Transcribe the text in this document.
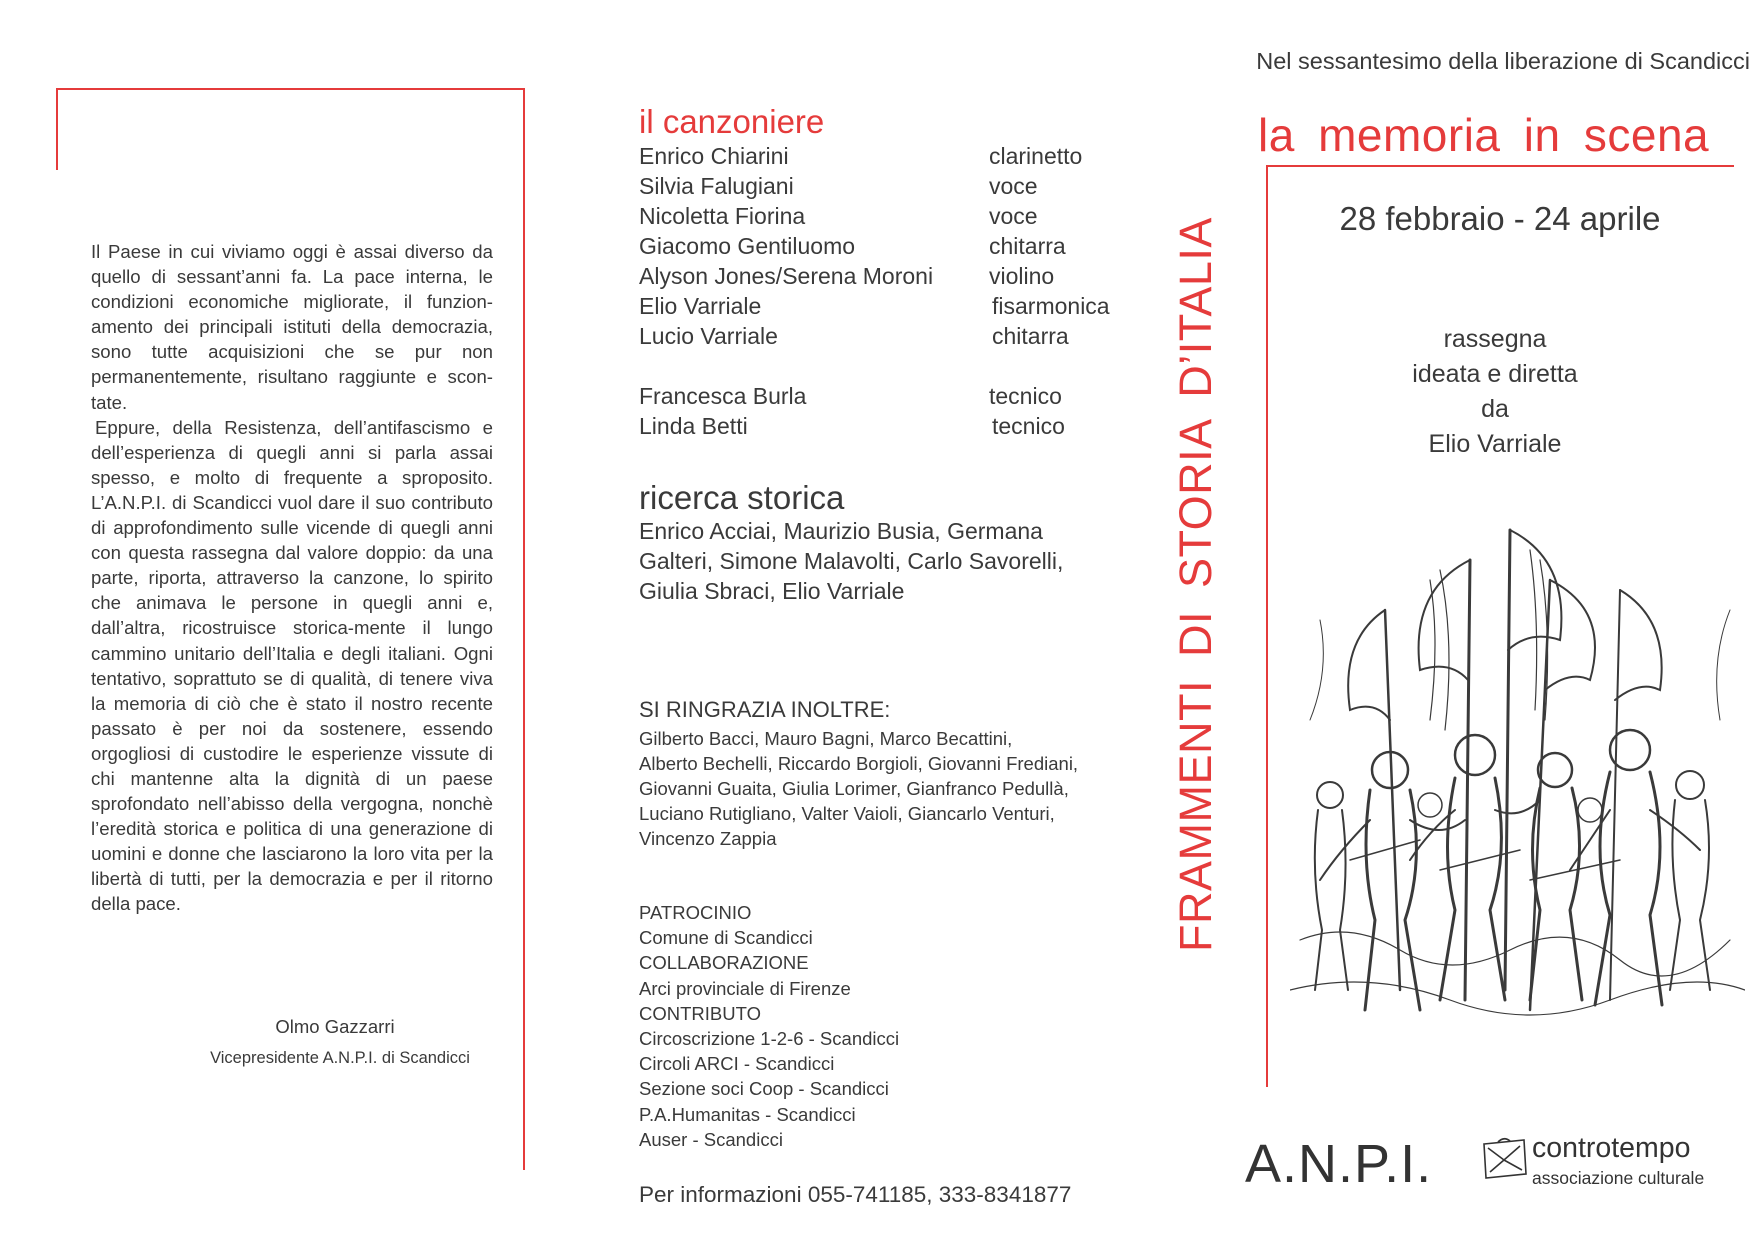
Il Paese in cui viviamo oggi è assai diverso da quello di sessant’anni fa. La pace interna, le condizioni economiche migliorate, il funzion-amento dei principali istituti della democrazia, sono tutte acquisizioni che se pur non permanentemente, risultano raggiunte e scon-tate.

Eppure, della Resistenza, dell’antifascismo e dell’esperienza di quegli anni si parla assai spesso, e molto di frequente a sproposito. L’A.N.P.I. di Scandicci vuol dare il suo contributo di approfondimento sulle vicende di quegli anni con questa rassegna dal valore doppio: da una parte, riporta, attraverso la canzone, lo spirito che animava le persone in quegli anni e, dall’altra, ricostruisce storica-mente il lungo cammino unitario dell’Italia e degli italiani. Ogni tentativo, soprattuto se di qualità, di tenere viva la memoria di ciò che è stato il nostro recente passato è per noi da sostenere, essendo orgogliosi di custodire le esperienze vissute di chi mantenne alta la dignità di un paese sprofondato nell’abisso della vergogna, nonchè l’eredità storica e politica di una generazione di uomini e donne che lasciarono la loro vita per la libertà di tutti, per la democrazia e per il ritorno della pace.

Olmo Gazzarri
Vicepresidente A.N.P.I. di Scandicci
il canzoniere
Enrico Chiarini	clarinetto
Silvia Falugiani	voce
Nicoletta Fiorina	voce
Giacomo Gentiluomo	chitarra
Alyson Jones/Serena Moroni violino
Elio Varriale	fisarmonica
Lucio Varriale	chitarra
Francesca Burla	tecnico
Linda Betti	tecnico
ricerca storica
Enrico Acciai, Maurizio Busia, Germana
Galteri, Simone Malavolti, Carlo Savorelli,
Giulia Sbraci, Elio Varriale
SI RINGRAZIA INOLTRE:
Gilberto Bacci, Mauro Bagni, Marco Becattini,
Alberto Bechelli, Riccardo Borgioli, Giovanni Frediani,
Giovanni Guaita, Giulia Lorimer, Gianfranco Pedullà,
Luciano Rutigliano, Valter Vaioli, Giancarlo Venturi,
Vincenzo Zappia
PATROCINIO
Comune di Scandicci
COLLABORAZIONE
Arci provinciale di Firenze
CONTRIBUTO
Circoscrizione 1-2-6 - Scandicci
Circoli ARCI - Scandicci
Sezione soci Coop - Scandicci
P.A.Humanitas - Scandicci
Auser - Scandicci
Per informazioni 055-741185, 333-8341877
Nel sessantesimo della liberazione di Scandicci
la memoria in scena
FRAMMENTI DI STORIA D’ITALIA	28 febbraio - 24 aprile
rassegna
ideata e diretta
da
Elio Varriale
A.N.P.I.	controtempo
associazione culturale
